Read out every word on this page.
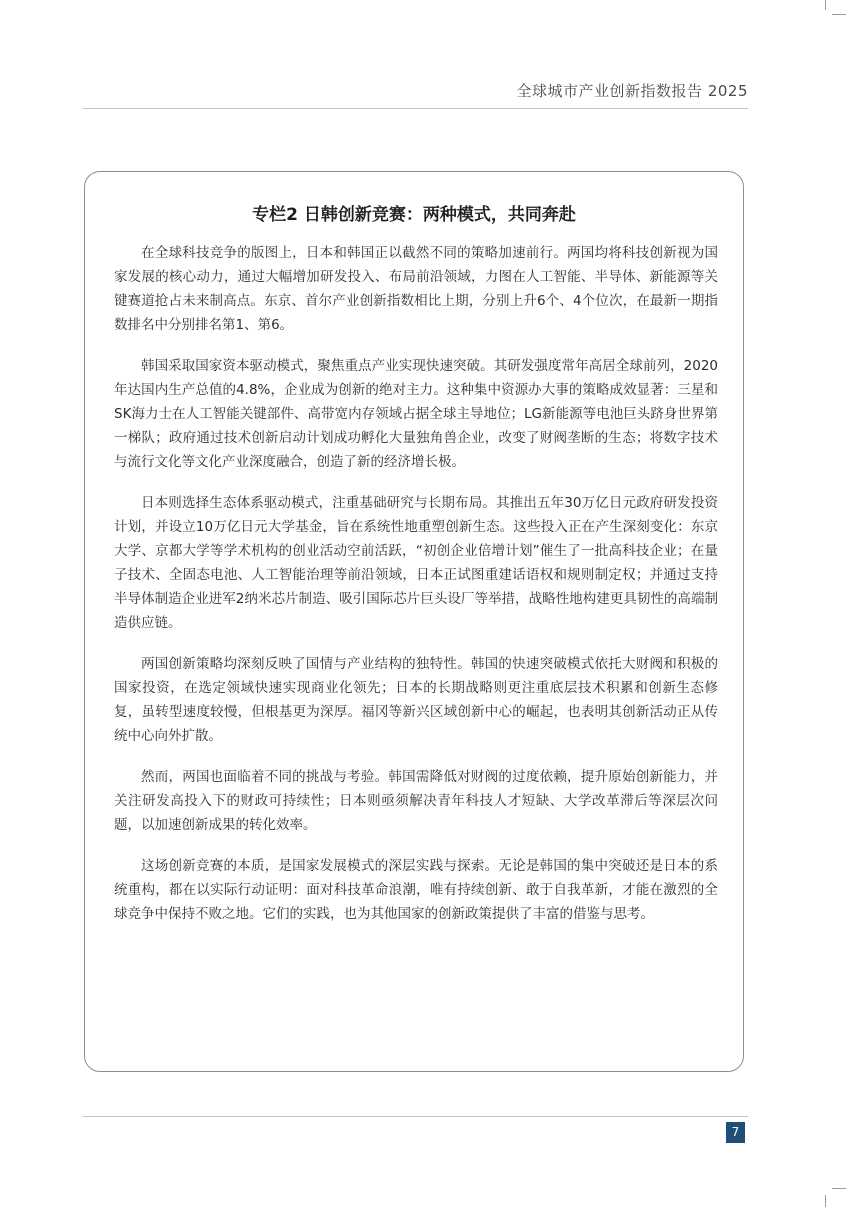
全球城市产业创新指数报告 2025
专栏2 日韩创新竞赛：两种模式，共同奔赴

在全球科技竞争的版图上，日本和韩国正以截然不同的策略加速前行。两国均将科技创新视为国家发展的核心动力，通过大幅增加研发投入、布局前沿领域，力图在人工智能、半导体、新能源等关键赛道抢占未来制高点。东京、首尔产业创新指数相比上期，分别上升6个、4个位次，在最新一期指数排名中分别排名第1、第6。

韩国采取国家资本驱动模式，聚焦重点产业实现快速突破。其研发强度常年高居全球前列，2020年达国内生产总值的4.8%，企业成为创新的绝对主力。这种集中资源办大事的策略成效显著：三星和SK海力士在人工智能关键部件、高带宽内存领域占据全球主导地位；LG新能源等电池巨头跻身世界第一梯队；政府通过技术创新启动计划成功孵化大量独角兽企业，改变了财阀垄断的生态；将数字技术与流行文化等文化产业深度融合，创造了新的经济增长极。

日本则选择生态体系驱动模式，注重基础研究与长期布局。其推出五年30万亿日元政府研发投资计划，并设立10万亿日元大学基金，旨在系统性地重塑创新生态。这些投入正在产生深刻变化：东京大学、京都大学等学术机构的创业活动空前活跃，“初创企业倍增计划”催生了一批高科技企业；在量子技术、全固态电池、人工智能治理等前沿领域，日本正试图重建话语权和规则制定权；并通过支持半导体制造企业进军2纳米芯片制造、吸引国际芯片巨头设厂等举措，战略性地构建更具韧性的高端制造供应链。

两国创新策略均深刻反映了国情与产业结构的独特性。韩国的快速突破模式依托大财阀和积极的国家投资，在选定领域快速实现商业化领先；日本的长期战略则更注重底层技术积累和创新生态修复，虽转型速度较慢，但根基更为深厚。福冈等新兴区域创新中心的崛起，也表明其创新活动正从传统中心向外扩散。

然而，两国也面临着不同的挑战与考验。韩国需降低对财阀的过度依赖，提升原始创新能力，并关注研发高投入下的财政可持续性；日本则亟须解决青年科技人才短缺、大学改革滞后等深层次问题，以加速创新成果的转化效率。

这场创新竞赛的本质，是国家发展模式的深层实践与探索。无论是韩国的集中突破还是日本的系统重构，都在以实际行动证明：面对科技革命浪潮，唯有持续创新、敢于自我革新，才能在激烈的全球竞争中保持不败之地。它们的实践，也为其他国家的创新政策提供了丰富的借鉴与思考。

7
